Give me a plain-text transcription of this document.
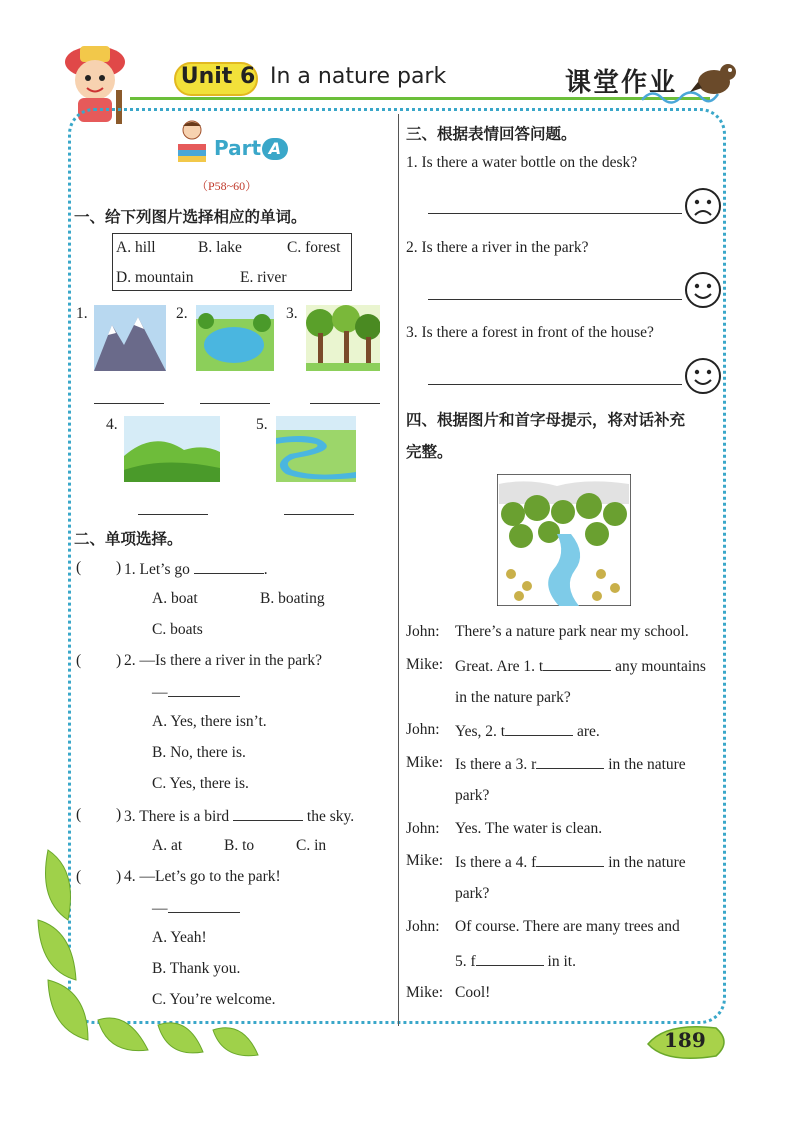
Unit 6 In a nature park	课堂作业
Part A
（P58~60）
一、给下列图片选择相应的单词。
A. hill	B. lake	C. forest
D. mountain	E. river
1.	2.	3.
4.	5.
二、单项选择。
( ) 1. Let’s go	.
A. boat	B. boating
C. boats
( ) 2. —Is there a river in the park?
—
A. Yes, there isn’t.
B. No, there is.
C. Yes, there is.
( ) 3. There is a bird	the sky.
A. at	B. to	C. in
( ) 4. —Let’s go to the park!
—
A. Yeah!
B. Thank you.
C. You’re welcome.
三、根据表情回答问题。
1. Is there a water bottle on the desk?
2. Is there a river in the park?
3. Is there a forest in front of the house?
四、根据图片和首字母提示，将对话补充
完整。
John: There’s a nature park near my school.
Mike: Great. Are 1. t	any mountains
in the nature park?
John: Yes, 2. t	are.
Mike: Is there a 3. r	in the nature
park?
John: Yes. The water is clean.
Mike: Is there a 4. f	in the nature
park?
John: Of course. There are many trees and
5. f	in it.
Mike: Cool!
189
